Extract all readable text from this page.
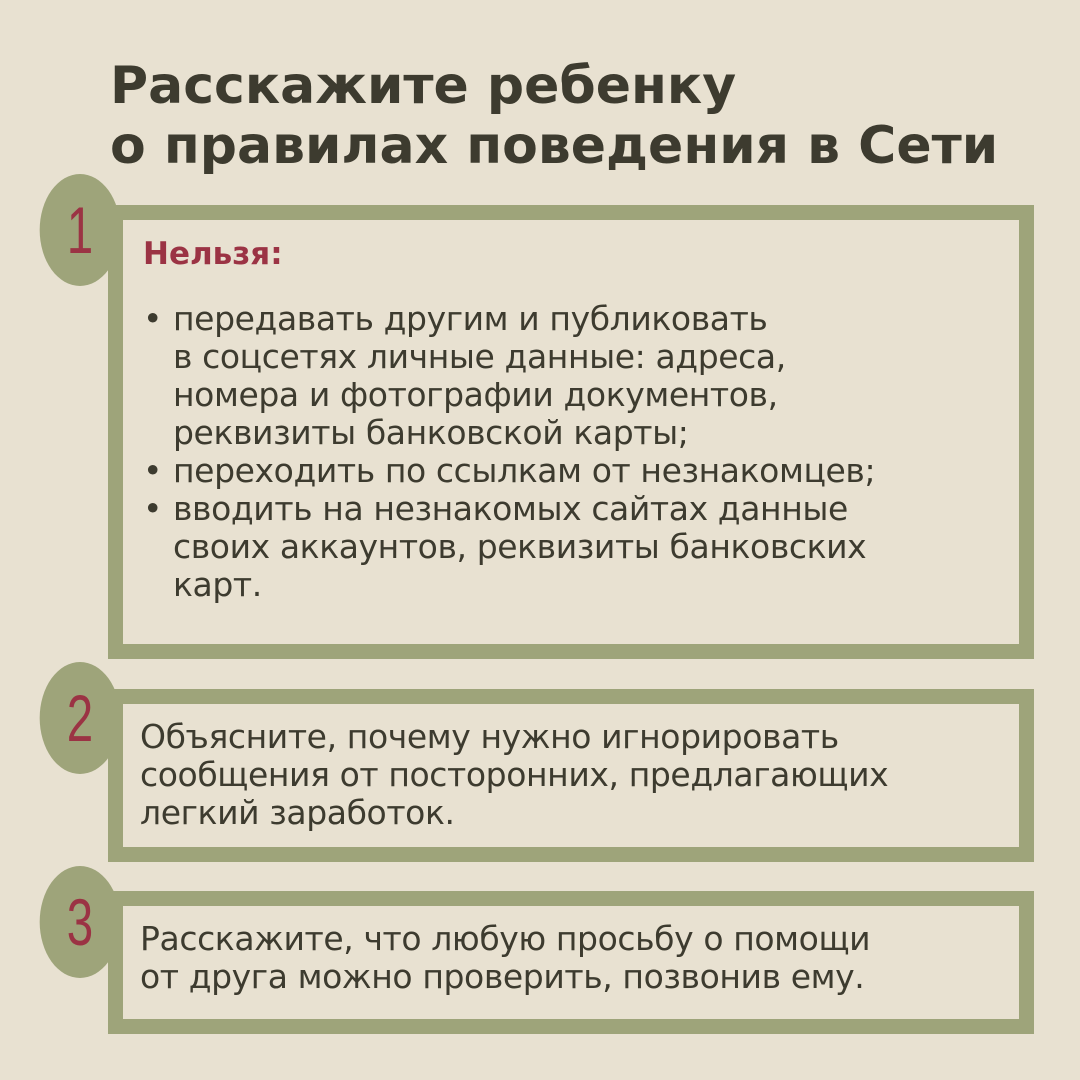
Расскажите ребенку
о правилах поведения в Сети

Нельзя:

• передавать другим и публиковать
в соцсетях личные данные: адреса,
номера и фотографии документов,
реквизиты банковской карты;
• переходить по ссылкам от незнакомцев;
• вводить на незнакомых сайтах данные
своих аккаунтов, реквизиты банковских
карт.
1

Объясните, почему нужно игнорировать
сообщения от посторонних, предлагающих
легкий заработок.

2

Расскажите, что любую просьбу о помощи
от друга можно проверить, позвонив ему.

3
